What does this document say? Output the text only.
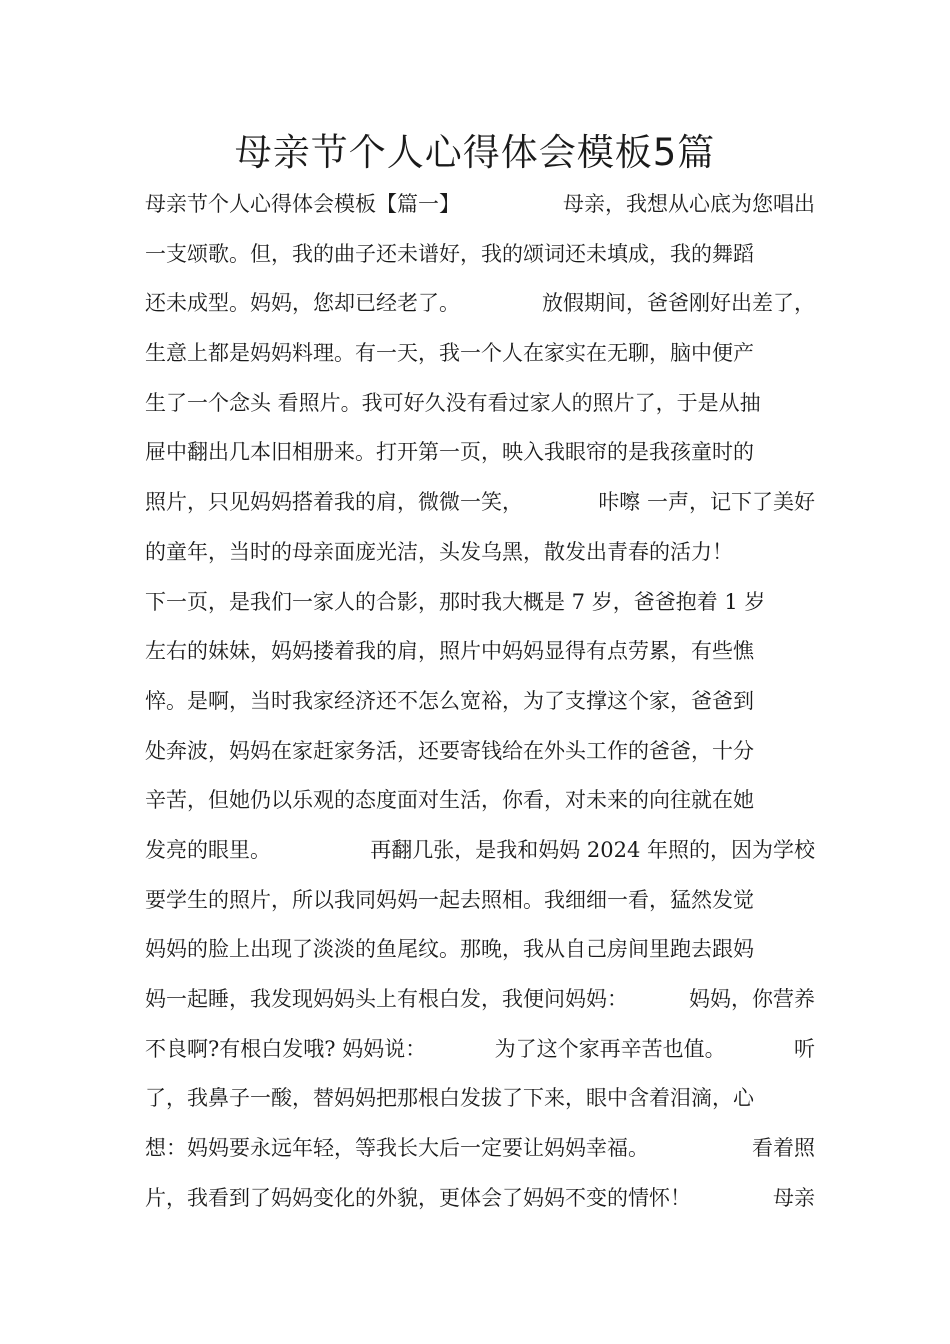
母亲节个人心得体会模板5篇
母亲节个人心得体会模板【篇一】	母亲，我想从心底为您唱出
一支颂歌。但，我的曲子还未谱好，我的颂词还未填成，我的舞蹈
还未成型。妈妈，您却已经老了。	放假期间，爸爸刚好出差了，
生意上都是妈妈料理。有一天，我一个人在家实在无聊，脑中便产
生了一个念头 看照片。我可好久没有看过家人的照片了，于是从抽
屉中翻出几本旧相册来。打开第一页，映入我眼帘的是我孩童时的
照片，只见妈妈搭着我的肩，微微一笑，	咔嚓 一声，记下了美好
的童年，当时的母亲面庞光洁，头发乌黑，散发出青春的活力！
下一页，是我们一家人的合影，那时我大概是 7 岁，爸爸抱着 1 岁
左右的妹妹，妈妈搂着我的肩，照片中妈妈显得有点劳累，有些憔
悴。是啊，当时我家经济还不怎么宽裕，为了支撑这个家，爸爸到
处奔波，妈妈在家赶家务活，还要寄钱给在外头工作的爸爸，十分
辛苦，但她仍以乐观的态度面对生活，你看，对未来的向往就在她
发亮的眼里。	再翻几张，是我和妈妈 2024 年照的，因为学校
要学生的照片，所以我同妈妈一起去照相。我细细一看，猛然发觉
妈妈的脸上出现了淡淡的鱼尾纹。那晚，我从自己房间里跑去跟妈
妈一起睡，我发现妈妈头上有根白发，我便问妈妈：	妈妈，你营养
不良啊?有根白发哦? 妈妈说：	为了这个家再辛苦也值。	听
了，我鼻子一酸，替妈妈把那根白发拔了下来，眼中含着泪滴，心
想：妈妈要永远年轻，等我长大后一定要让妈妈幸福。	看着照
片，我看到了妈妈变化的外貌，更体会了妈妈不变的情怀！	母亲
